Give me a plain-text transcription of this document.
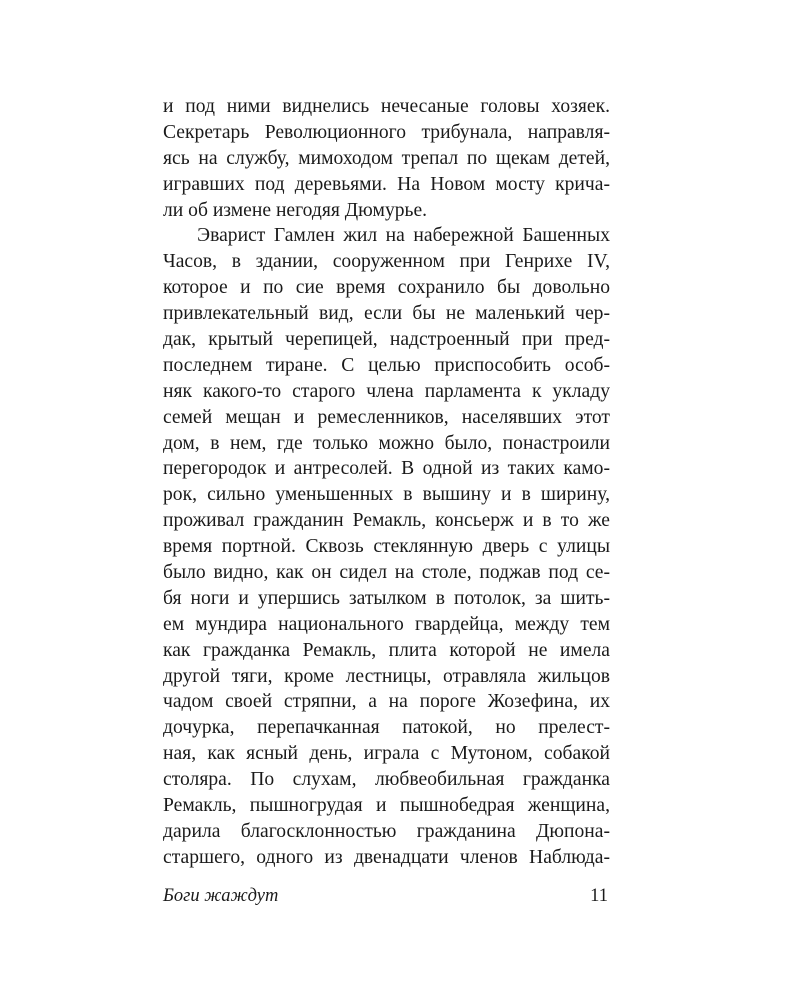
и под ними виднелись нечесаные головы хозяек.
Секретарь Революционного трибунала, направля-
ясь на службу, мимоходом трепал по щекам детей,
игравших под деревьями. На Новом мосту крича-
ли об измене негодяя Дюмурье.
Эварист Гамлен жил на набережной Башенных
Часов, в здании, сооруженном при Генрихе IV,
которое и по сие время сохранило бы довольно
привлекательный вид, если бы не маленький чер-
дак, крытый черепицей, надстроенный при пред-
последнем тиране. С целью приспособить особ-
няк какого-то старого члена парламента к укладу
семей мещан и ремесленников, населявших этот
дом, в нем, где только можно было, понастроили
перегородок и антресолей. В одной из таких камо-
рок, сильно уменьшенных в вышину и в ширину,
проживал гражданин Ремакль, консьерж и в то же
время портной. Сквозь стеклянную дверь с улицы
было видно, как он сидел на столе, поджав под се-
бя ноги и упершись затылком в потолок, за шить-
ем мундира национального гвардейца, между тем
как гражданка Ремакль, плита которой не имела
другой тяги, кроме лестницы, отравляла жильцов
чадом своей стряпни, а на пороге Жозефина, их
дочурка, перепачканная патокой, но прелест-
ная, как ясный день, играла с Мутоном, собакой
столяра. По слухам, любвеобильная гражданка
Ремакль, пышногрудая и пышнобедрая женщина,
дарила благосклонностью гражданина Дюпона-
старшего, одного из двенадцати членов Наблюда-
Боги жаждут	11
